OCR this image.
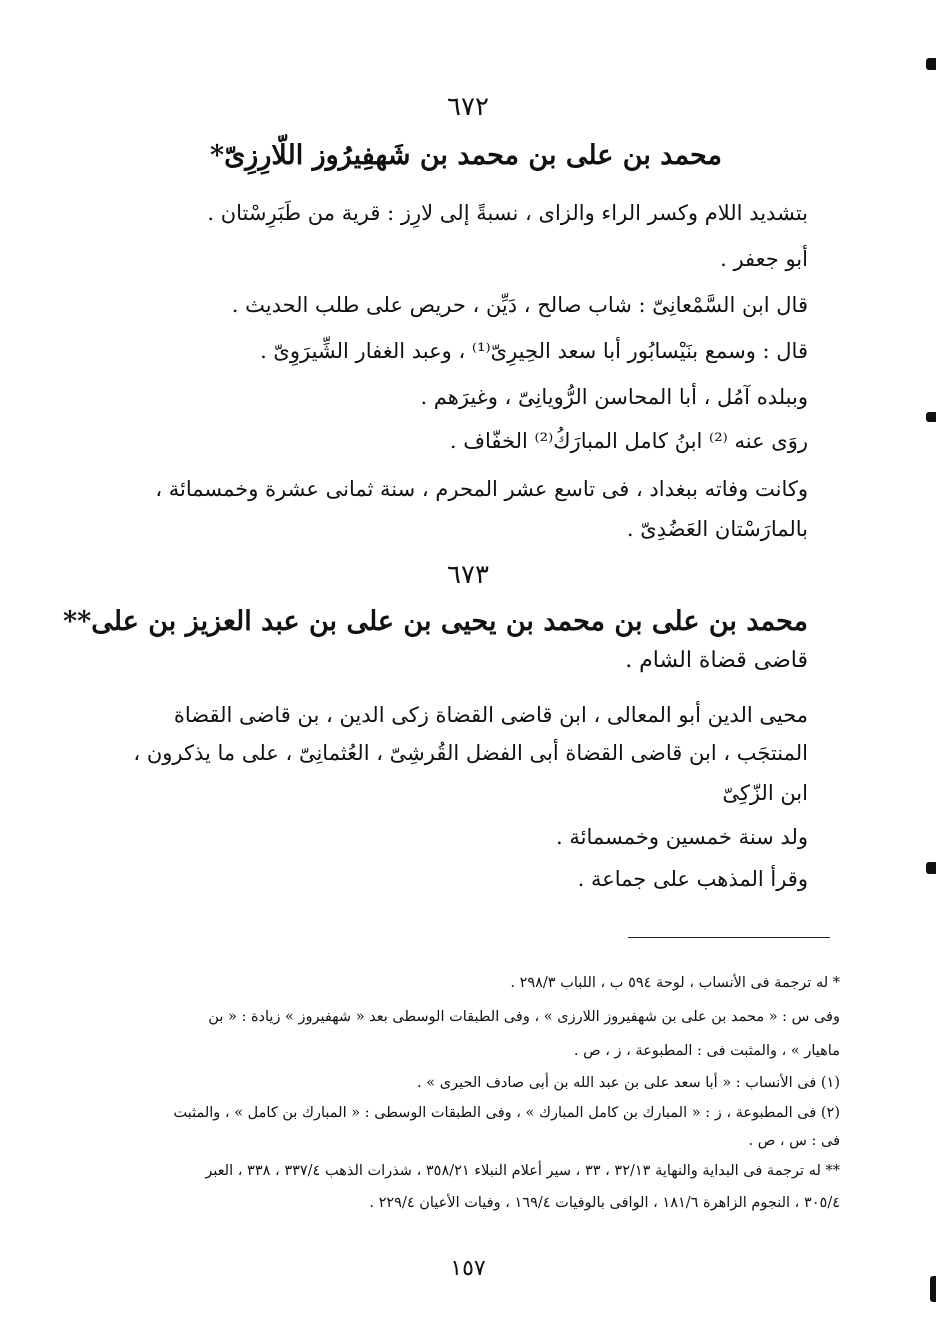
٦٧٢
محمد بن على بن محمد بن شَهفِيرُوز اللّارِزِىّ*
بتشديد اللام وكسر الراء والزاى ، نسبةً إلى لارِز : قرية من طَبَرِسْتان .
أبو جعفر .
قال ابن السَّمْعانِىّ : شاب صالح ، دَيِّن ، حريص على طلب الحديث .
قال : وسمع بنَيْسابُور أبا سعد الحِيرِىّ⁽¹⁾ ، وعبد الغفار الشِّيرَوِىّ .
وببلده آمُل ، أبا المحاسن الرُّويانِىّ ، وغيرَهم .
روَى عنه ⁽²⁾ ابنُ كامل المبارَكُ⁽²⁾ الخفّاف .
وكانت وفاته ببغداد ، فى تاسع عشر المحرم ، سنة ثمانى عشرة وخمسمائة ،
بالمارَسْتان العَضُدِىّ .
٦٧٣
محمد بن على بن محمد بن يحيى بن على بن عبد العزيز بن على**
قاضى قضاة الشام .
محيى الدين أبو المعالى ، ابن قاضى القضاة زكى الدين ، بن قاضى القضاة
المنتجَب ، ابن قاضى القضاة أبى الفضل القُرشِىّ ، العُثمانِىّ ، على ما يذكرون ،
ابن الزّكِىّ
ولد سنة خمسين وخمسمائة .
وقرأ المذهب على جماعة .
* له ترجمة فى الأنساب ، لوحة ٥٩٤ ب ، اللباب ٢٩٨/٣ .
وفى س : « محمد بن على بن شهفيروز اللارزى » ، وفى الطبقات الوسطى بعد « شهفيروز » زيادة : « بن
ماهيار » ، والمثبت فى : المطبوعة ، ز ، ص .
(١) فى الأنساب : « أبا سعد على بن عبد الله بن أبى صادف الحيرى » .
(٢) فى المطبوعة ، ز : « المبارك بن كامل المبارك » ، وفى الطبقات الوسطى : « المبارك بن كامل » ، والمثبت
فى : س ، ص .
** له ترجمة فى البداية والنهاية ٣٢/١٣ ، ٣٣ ، سير أعلام النبلاء ٣٥٨/٢١ ، شذرات الذهب ٣٣٧/٤ ، ٣٣٨ ، العبر
٣٠٥/٤ ، النجوم الزاهرة ١٨١/٦ ، الوافى بالوفيات ١٦٩/٤ ، وفيات الأعيان ٢٢٩/٤ .
١٥٧
